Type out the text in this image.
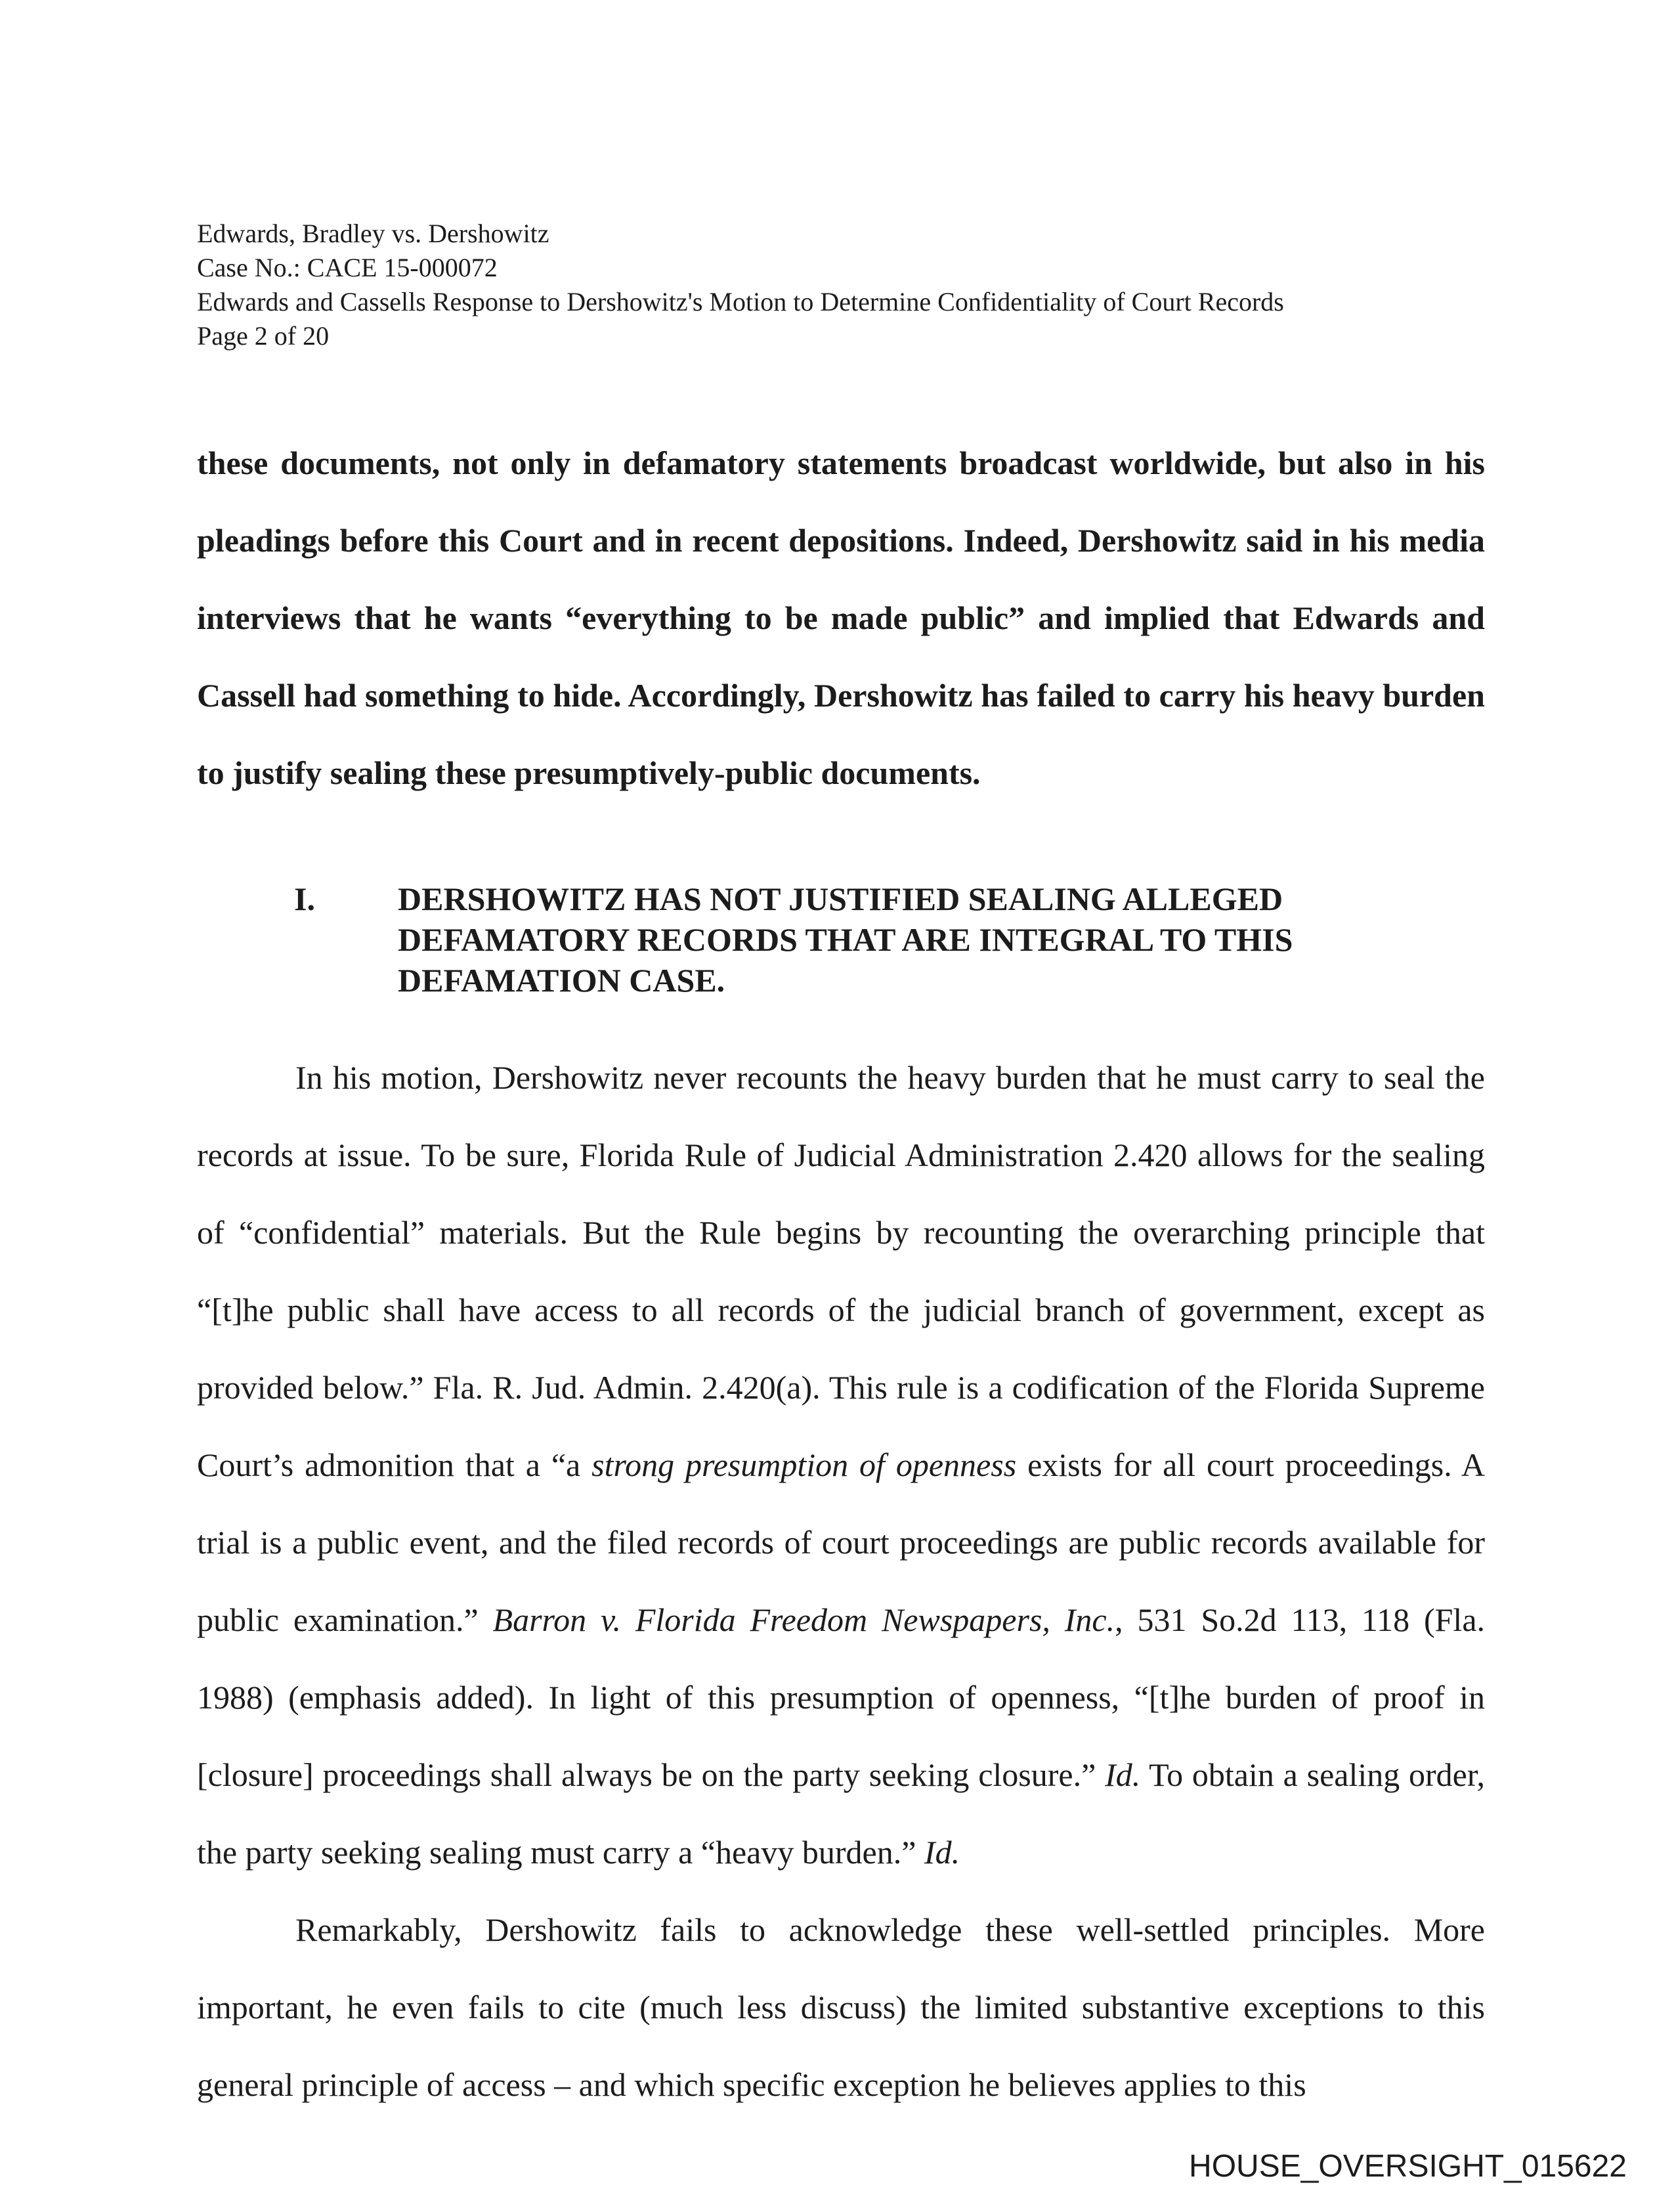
Edwards, Bradley vs. Dershowitz
Case No.: CACE 15-000072
Edwards and Cassells Response to Dershowitz's Motion to Determine Confidentiality of Court Records
Page 2 of 20

these documents, not only in defamatory statements broadcast worldwide, but also in his pleadings before this Court and in recent depositions. Indeed, Dershowitz said in his media interviews that he wants “everything to be made public” and implied that Edwards and Cassell had something to hide. Accordingly, Dershowitz has failed to carry his heavy burden to justify sealing these presumptively-public documents.

I.	DERSHOWITZ HAS NOT JUSTIFIED SEALING ALLEGED DEFAMATORY RECORDS THAT ARE INTEGRAL TO THIS DEFAMATION CASE.

In his motion, Dershowitz never recounts the heavy burden that he must carry to seal the records at issue. To be sure, Florida Rule of Judicial Administration 2.420 allows for the sealing of “confidential” materials. But the Rule begins by recounting the overarching principle that “[t]he public shall have access to all records of the judicial branch of government, except as provided below.” Fla. R. Jud. Admin. 2.420(a). This rule is a codification of the Florida Supreme Court’s admonition that a “a strong presumption of openness exists for all court proceedings. A trial is a public event, and the filed records of court proceedings are public records available for public examination.” Barron v. Florida Freedom Newspapers, Inc., 531 So.2d 113, 118 (Fla. 1988) (emphasis added). In light of this presumption of openness, “[t]he burden of proof in [closure] proceedings shall always be on the party seeking closure.” Id. To obtain a sealing order, the party seeking sealing must carry a “heavy burden.” Id.

Remarkably, Dershowitz fails to acknowledge these well-settled principles. More important, he even fails to cite (much less discuss) the limited substantive exceptions to this general principle of access – and which specific exception he believes applies to this

HOUSE_OVERSIGHT_015622
